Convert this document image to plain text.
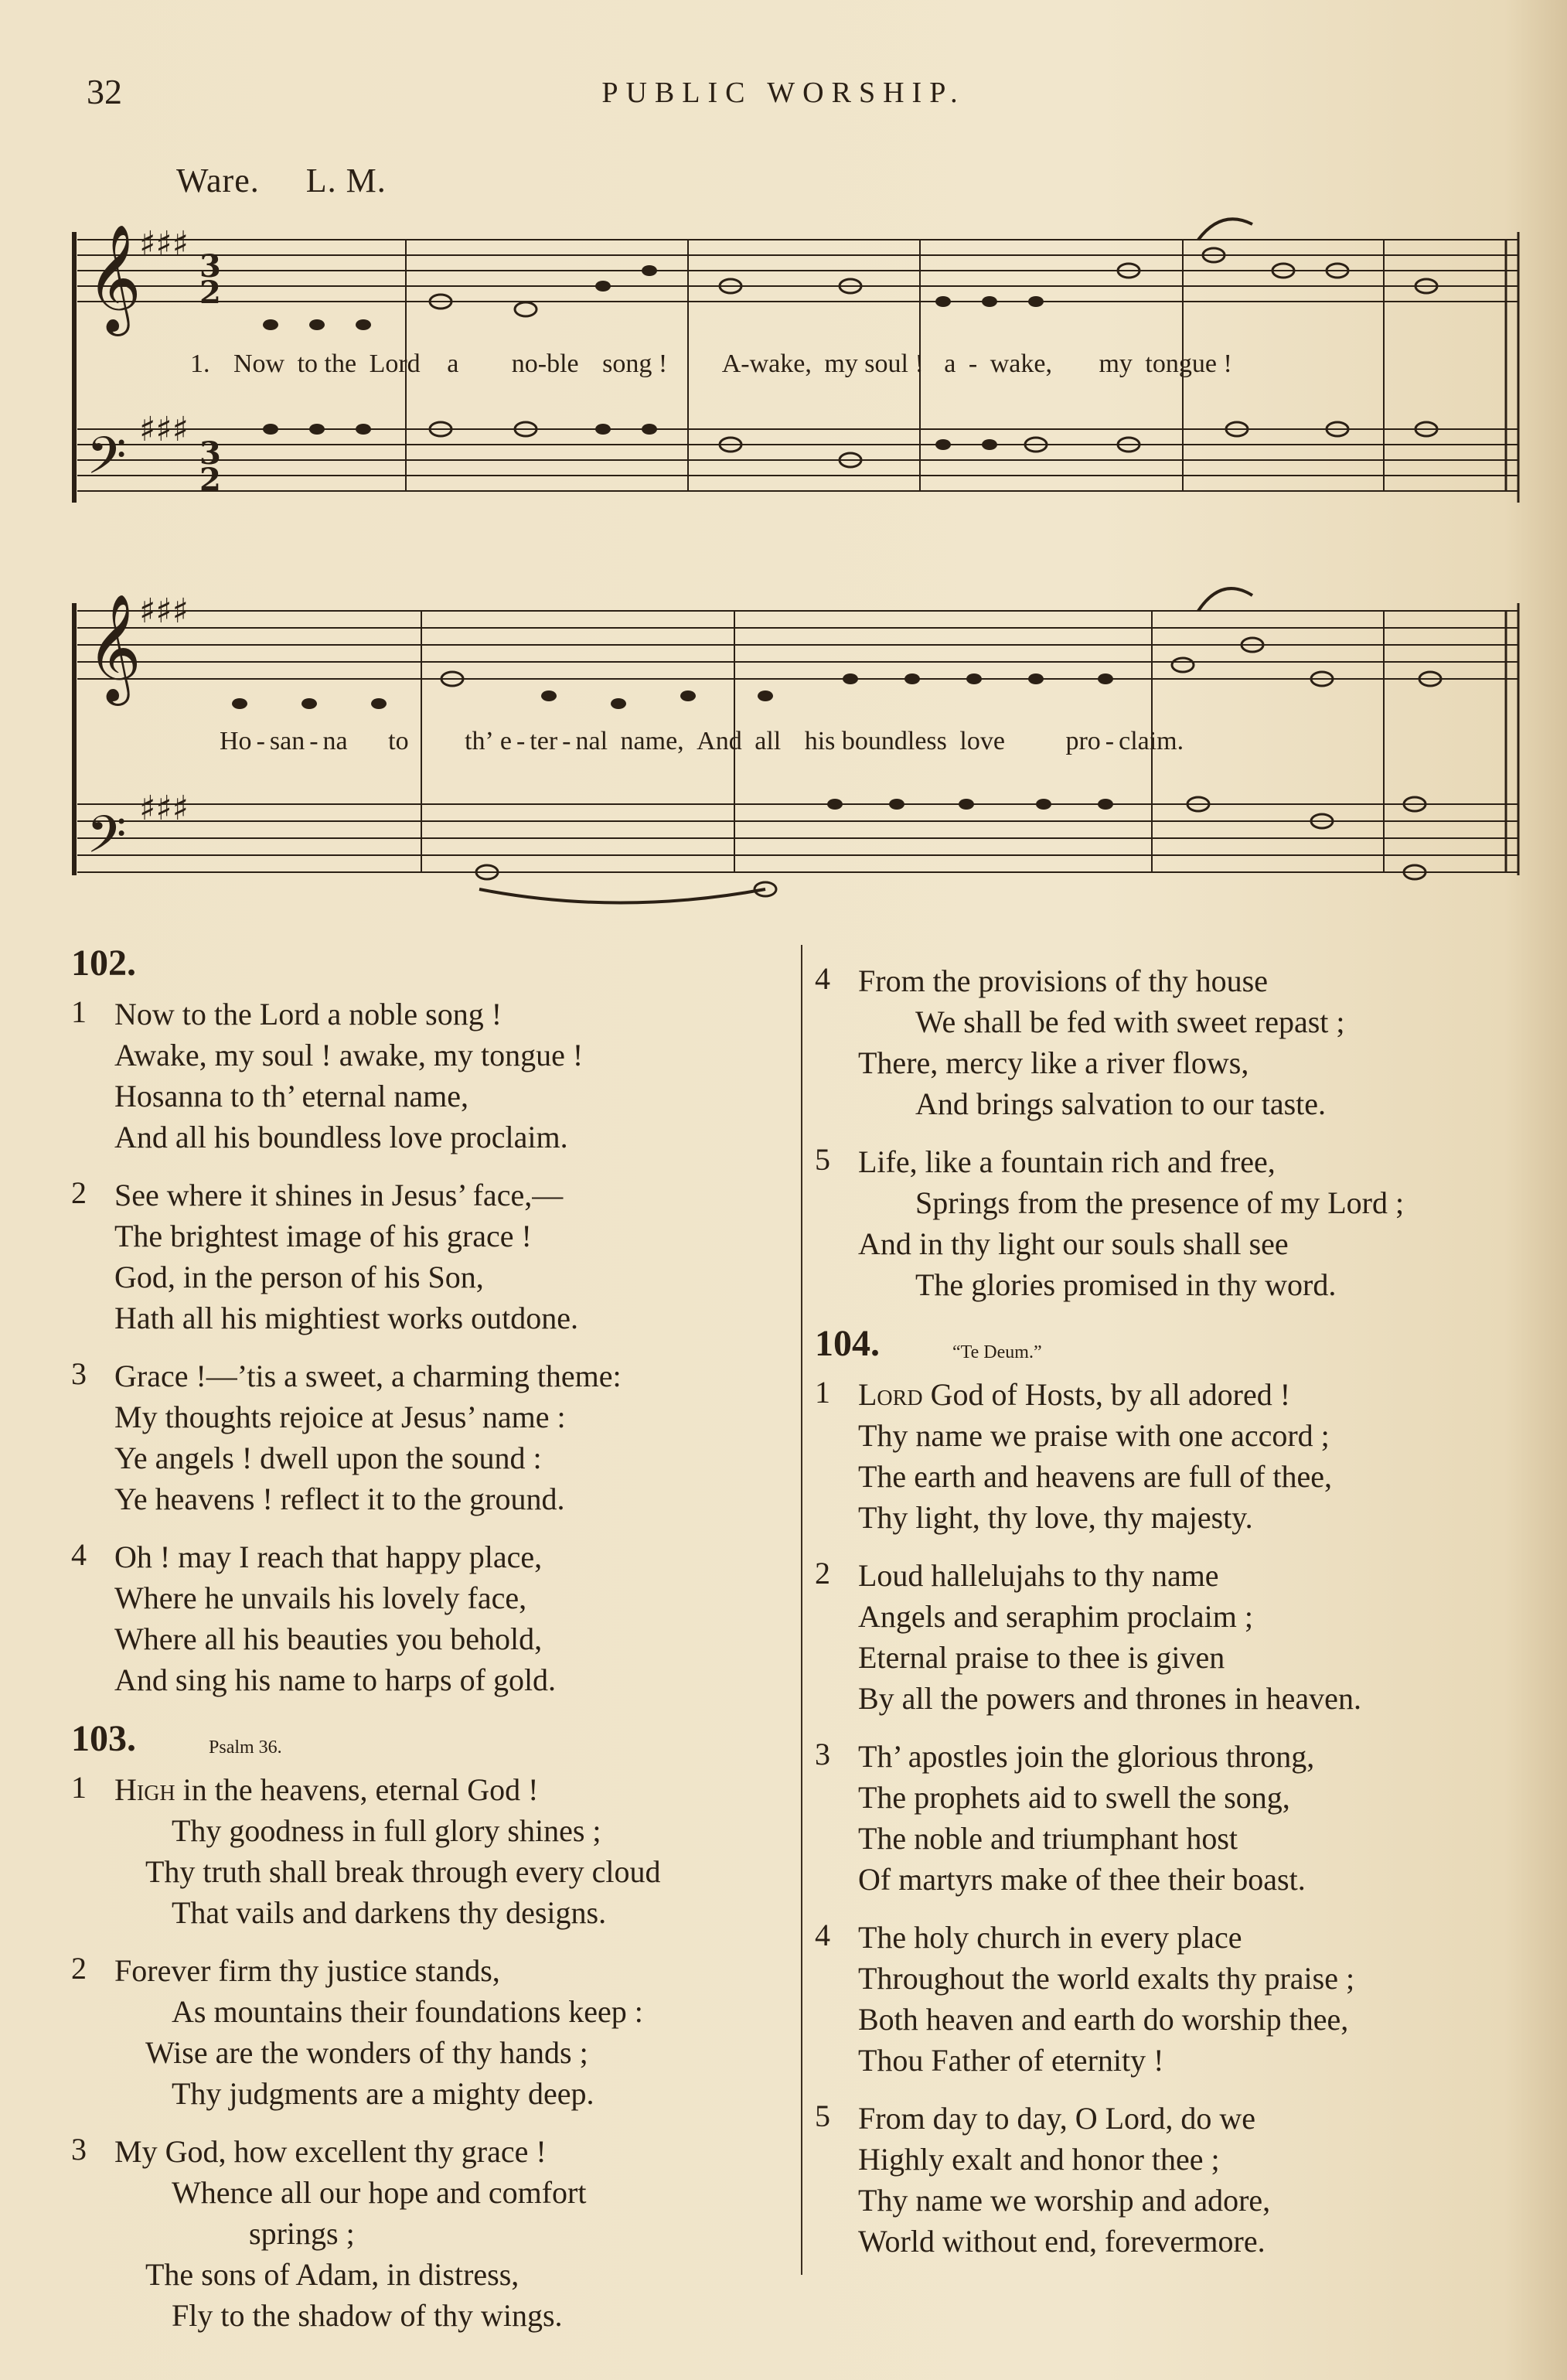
32	PUBLIC WORSHIP.
Ware. L. M.
𝄞
𝄢
𝄞
𝄢
♯♯♯
♯♯♯
♯♯♯
♯♯♯
3
2
3
2
1. Now to the Lord a no-ble song ! A-wake, my soul ! a - wake, my tongue !
Ho - san - na to th’ e - ter - nal name, And all his boundless love pro - claim.
102.
1 Now to the Lord a noble song !
Awake, my soul ! awake, my tongue !
Hosanna to th’ eternal name,
And all his boundless love proclaim.
2 See where it shines in Jesus’ face,—
The brightest image of his grace !
God, in the person of his Son,
Hath all his mightiest works outdone.
3 Grace !—’tis a sweet, a charming theme:
My thoughts rejoice at Jesus’ name :
Ye angels ! dwell upon the sound :
Ye heavens ! reflect it to the ground.
4 Oh ! may I reach that happy place,
Where he unvails his lovely face,
Where all his beauties you behold,
And sing his name to harps of gold.
103.	Psalm 36.
1 High in the heavens, eternal God !
Thy goodness in full glory shines ;
Thy truth shall break through every cloud
That vails and darkens thy designs.
2 Forever firm thy justice stands,
As mountains their foundations keep :
Wise are the wonders of thy hands ;
Thy judgments are a mighty deep.
3 My God, how excellent thy grace !
Whence all our hope and comfort
springs ;
The sons of Adam, in distress,
Fly to the shadow of thy wings.
4 From the provisions of thy house
We shall be fed with sweet repast ;
There, mercy like a river flows,
And brings salvation to our taste.
5 Life, like a fountain rich and free,
Springs from the presence of my Lord ;
And in thy light our souls shall see
The glories promised in thy word.
104.	“Te Deum.”
1 Lord God of Hosts, by all adored !
Thy name we praise with one accord ;
The earth and heavens are full of thee,
Thy light, thy love, thy majesty.
2 Loud hallelujahs to thy name
Angels and seraphim proclaim ;
Eternal praise to thee is given
By all the powers and thrones in heaven.
3 Th’ apostles join the glorious throng,
The prophets aid to swell the song,
The noble and triumphant host
Of martyrs make of thee their boast.
4 The holy church in every place
Throughout the world exalts thy praise ;
Both heaven and earth do worship thee,
Thou Father of eternity !
5 From day to day, O Lord, do we
Highly exalt and honor thee ;
Thy name we worship and adore,
World without end, forevermore.
